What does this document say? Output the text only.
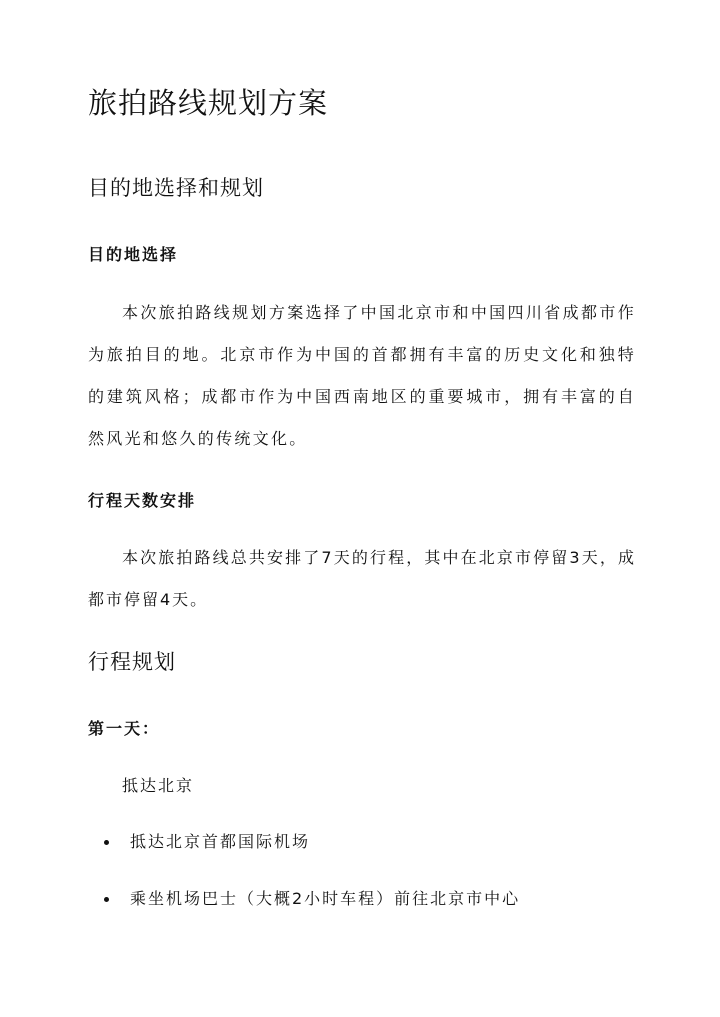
旅拍路线规划方案
目的地选择和规划
目的地选择

本次旅拍路线规划方案选择了中国北京市和中国四川省成都市作为旅拍目的地。北京市作为中国的首都拥有丰富的历史文化和独特的建筑风格；成都市作为中国西南地区的重要城市，拥有丰富的自然风光和悠久的传统文化。

行程天数安排

本次旅拍路线总共安排了7天的行程，其中在北京市停留3天，成都市停留4天。

行程规划
第一天：

抵达北京

抵达北京首都国际机场
乘坐机场巴士（大概2小时车程）前往北京市中心
